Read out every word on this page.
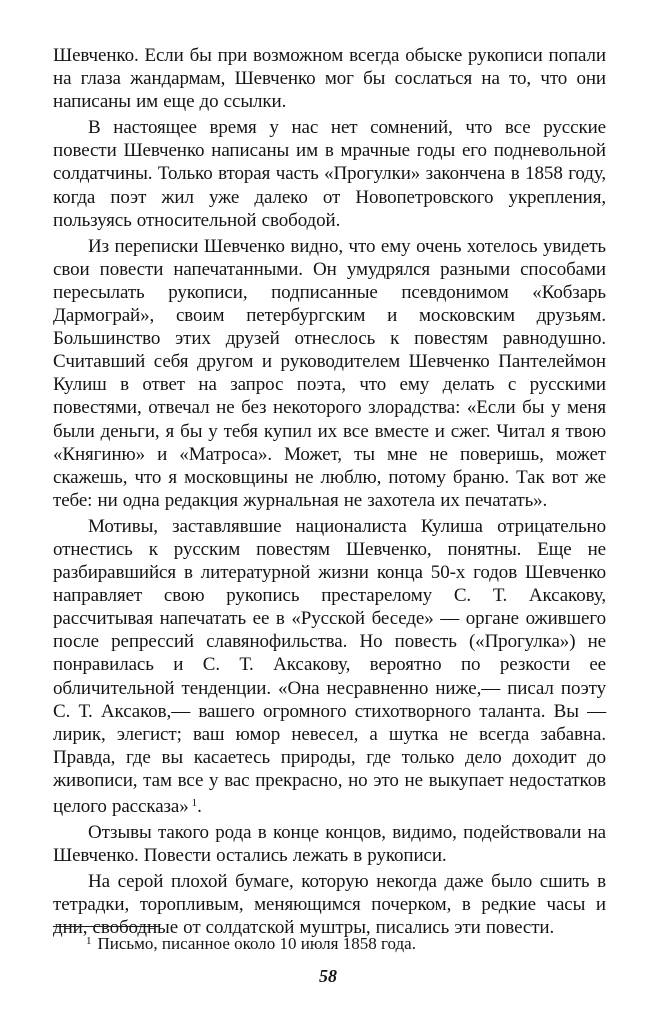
Шевченко. Если бы при возможном всегда обыске рукописи попали на глаза жандармам, Шевченко мог бы сослаться на то, что они написаны им еще до ссылки.

В настоящее время у нас нет сомнений, что все русские повести Шевченко написаны им в мрачные годы его подневольной солдатчины. Только вторая часть «Прогулки» закончена в 1858 году, когда поэт жил уже далеко от Новопетровского укрепления, пользуясь относительной свободой.

Из переписки Шевченко видно, что ему очень хотелось увидеть свои повести напечатанными. Он умудрялся разными способами пересылать рукописи, подписанные псевдонимом «Кобзарь Дармограй», своим петербургским и московским друзьям. Большинство этих друзей отнеслось к повестям равнодушно. Считавший себя другом и руководителем Шевченко Пантелеймон Кулиш в ответ на запрос поэта, что ему делать с русскими повестями, отвечал не без некоторого злорадства: «Если бы у меня были деньги, я бы у тебя купил их все вместе и сжег. Читал я твою «Княгиню» и «Матроса». Может, ты мне не поверишь, может скажешь, что я московщины не люблю, потому браню. Так вот же тебе: ни одна редакция журнальная не захотела их печатать».

Мотивы, заставлявшие националиста Кулиша отрицательно отнестись к русским повестям Шевченко, понятны. Еще не разбиравшийся в литературной жизни конца 50-х годов Шевченко направляет свою рукопись престарелому С. Т. Аксакову, рассчитывая напечатать ее в «Русской беседе» — органе ожившего после репрессий славянофильства. Но повесть («Прогулка») не понравилась и С. Т. Аксакову, вероятно по резкости ее обличительной тенденции. «Она несравненно ниже,— писал поэту С. Т. Аксаков,— вашего огромного стихотворного таланта. Вы — лирик, элегист; ваш юмор невесел, а шутка не всегда забавна. Правда, где вы касаетесь природы, где только дело доходит до живописи, там все у вас прекрасно, но это не выкупает недостатков целого рассказа» $^1$.

Отзывы такого рода в конце концов, видимо, подействовали на Шевченко. Повести остались лежать в рукописи.

На серой плохой бумаге, которую некогда даже было сшить в тетрадки, торопливым, меняющимся почерком, в редкие часы и дни, свободные от солдатской муштры, писались эти повести.

$^1$ Письмо, писанное около 10 июля 1858 года.
58
